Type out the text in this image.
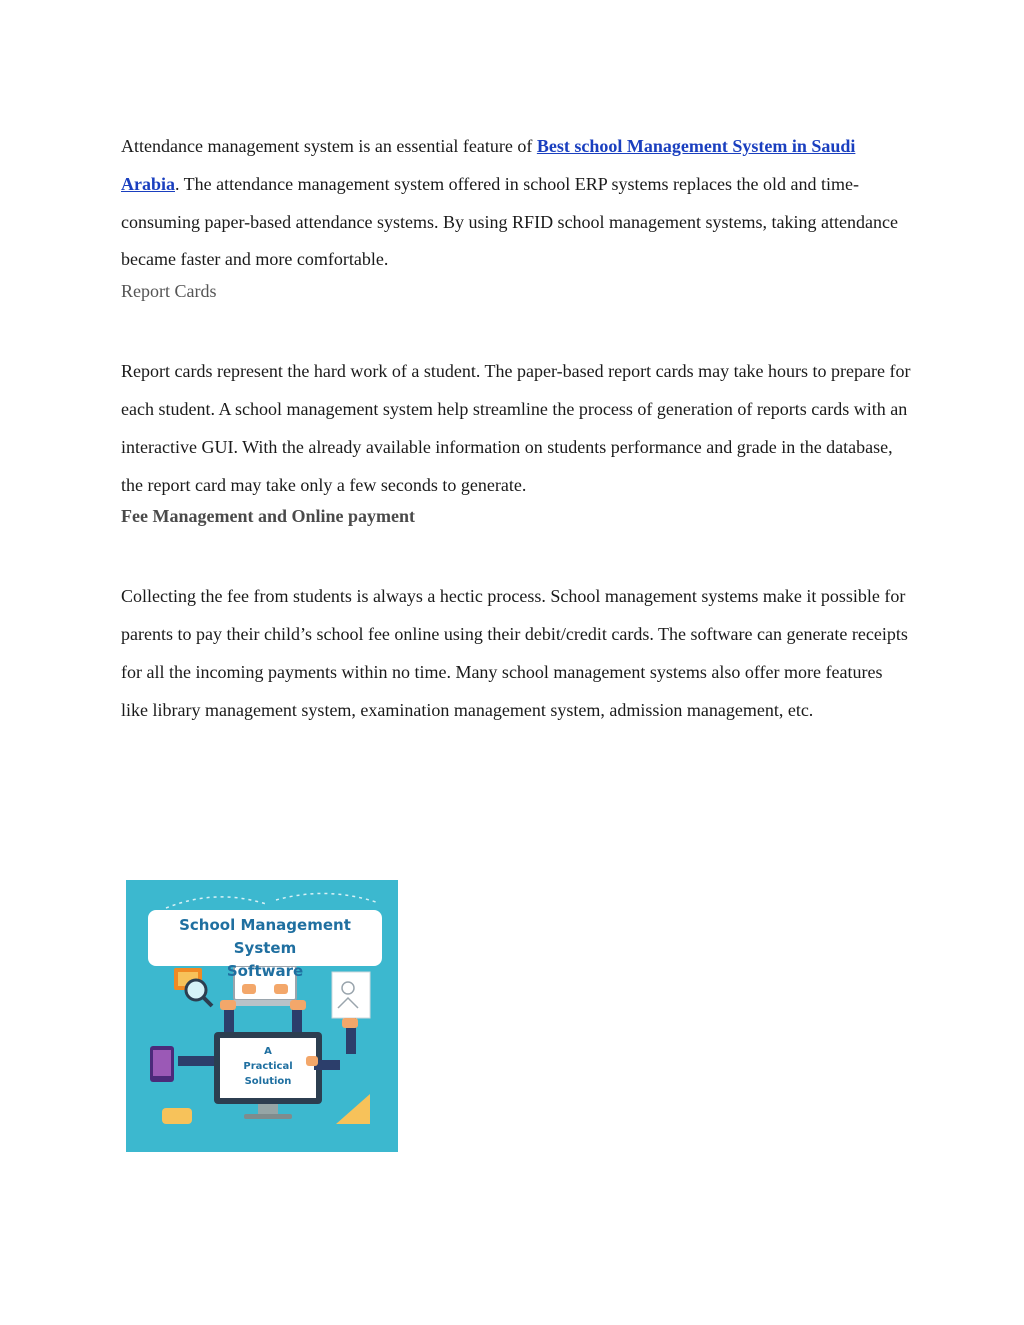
Attendance management system is an essential feature of Best school Management System in Saudi Arabia. The attendance management system offered in school ERP systems replaces the old and time-consuming paper-based attendance systems. By using RFID school management systems, taking attendance became faster and more comfortable.

Report Cards

Report cards represent the hard work of a student. The paper-based report cards may take hours to prepare for each student. A school management system help streamline the process of generation of reports cards with an interactive GUI. With the already available information on students performance and grade in the database, the report card may take only a few seconds to generate.

Fee Management and Online payment

Collecting the fee from students is always a hectic process. School management systems make it possible for parents to pay their child’s school fee online using their debit/credit cards. The software can generate receipts for all the incoming payments within no time. Many school management systems also offer more features like library management system, examination management system, admission management, etc.

School Management System
Software
A
Practical Solution
